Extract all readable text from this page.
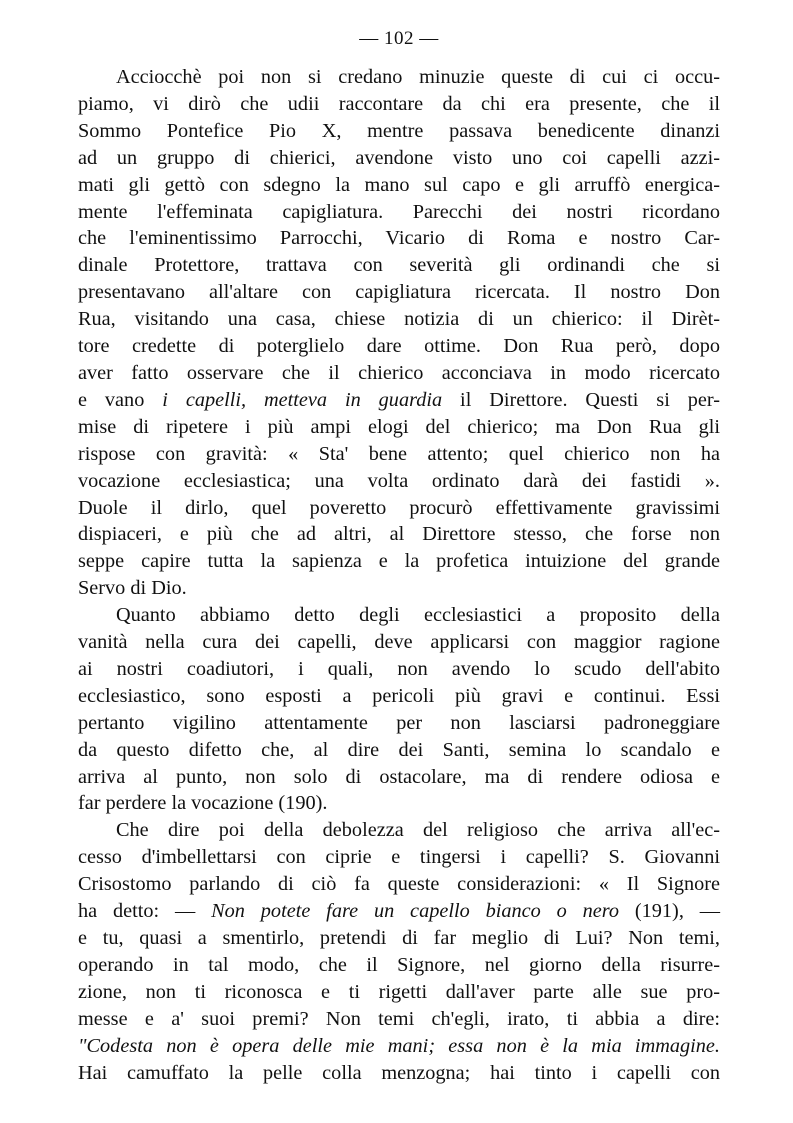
— 102 —

Acciocchè poi non si credano minuzie queste di cui ci occu-
piamo, vi dirò che udii raccontare da chi era presente, che il
Sommo Pontefice Pio X, mentre passava benedicente dinanzi
ad un gruppo di chierici, avendone visto uno coi capelli azzi-
mati gli gettò con sdegno la mano sul capo e gli arruffò energica-
mente l'effeminata capigliatura. Parecchi dei nostri ricordano
che l'eminentissimo Parrocchi, Vicario di Roma e nostro Car-
dinale Protettore, trattava con severità gli ordinandi che si
presentavano all'altare con capigliatura ricercata. Il nostro Don
Rua, visitando una casa, chiese notizia di un chierico: il Dirèt-
tore credette di poterglielo dare ottime. Don Rua però, dopo
aver fatto osservare che il chierico acconciava in modo ricercato
e vano i capelli, metteva in guardia il Direttore. Questi si per-
mise di ripetere i più ampi elogi del chierico; ma Don Rua gli
rispose con gravità: « Sta' bene attento; quel chierico non ha
vocazione ecclesiastica; una volta ordinato darà dei fastidi ».
Duole il dirlo, quel poveretto procurò effettivamente gravissimi
dispiaceri, e più che ad altri, al Direttore stesso, che forse non
seppe capire tutta la sapienza e la profetica intuizione del grande
Servo di Dio.

Quanto abbiamo detto degli ecclesiastici a proposito della
vanità nella cura dei capelli, deve applicarsi con maggior ragione
ai nostri coadiutori, i quali, non avendo lo scudo dell'abito
ecclesiastico, sono esposti a pericoli più gravi e continui. Essi
pertanto vigilino attentamente per non lasciarsi padroneggiare
da questo difetto che, al dire dei Santi, semina lo scandalo e
arriva al punto, non solo di ostacolare, ma di rendere odiosa e
far perdere la vocazione (190).

Che dire poi della debolezza del religioso che arriva all'ec-
cesso d'imbellettarsi con ciprie e tingersi i capelli? S. Giovanni
Crisostomo parlando di ciò fa queste considerazioni: « Il Signore
ha detto: — Non potete fare un capello bianco o nero (191), —
e tu, quasi a smentirlo, pretendi di far meglio di Lui? Non temi,
operando in tal modo, che il Signore, nel giorno della risurre-
zione, non ti riconosca e ti rigetti dall'aver parte alle sue pro-
messe e a' suoi premi? Non temi ch'egli, irato, ti abbia a dire:
"Codesta non è opera delle mie mani; essa non è la mia immagine.
Hai camuffato la pelle colla menzogna; hai tinto i capelli con
